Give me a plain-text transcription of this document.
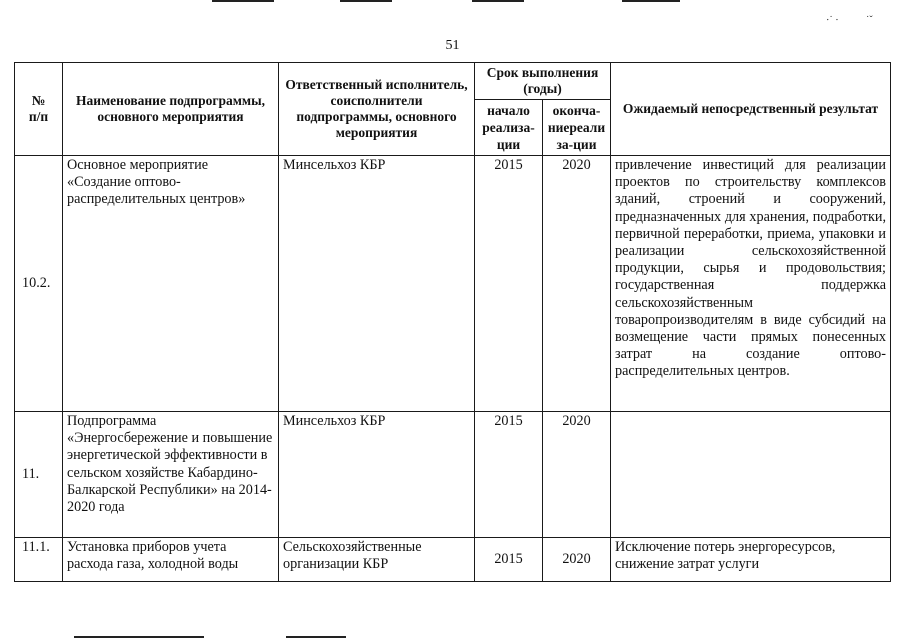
⋅˙ ⋅	˙ˇ
51
№
п/п	Наименование подпрограммы, основного мероприятия	Ответственный исполнитель, соисполнители подпрограммы, основного мероприятия	Срок выполнения (годы)		Ожидаемый непосредственный результат
			начало реализа-ции	оконча-ниереали за-ции	
10.2.	Основное мероприятие «Создание оптово-распределительных центров»	Минсельхоз КБР	2015	2020	привлечение инвестиций для реализации проектов по строительству комплексов зданий, строений и сооружений, предназначенных для хранения, подработки, первичной переработки, приема, упаковки и реализации сельскохозяйственной продукции, сырья и продовольствия; государственная поддержка сельскохозяйственным товаропроизводителям в виде субсидий на возмещение части прямых понесенных затрат на создание оптово-распределительных центров.
11.	Подпрограмма «Энергосбережение и повышение энергетической эффективности в сельском хозяйстве Кабардино-Балкарской Республики» на 2014-2020 года	Минсельхоз КБР	2015	2020	
11.1.	Установка приборов учета расхода газа, холодной воды	Сельскохозяйственные организации КБР	2015	2020	Исключение потерь энергоресурсов, снижение затрат услуги
